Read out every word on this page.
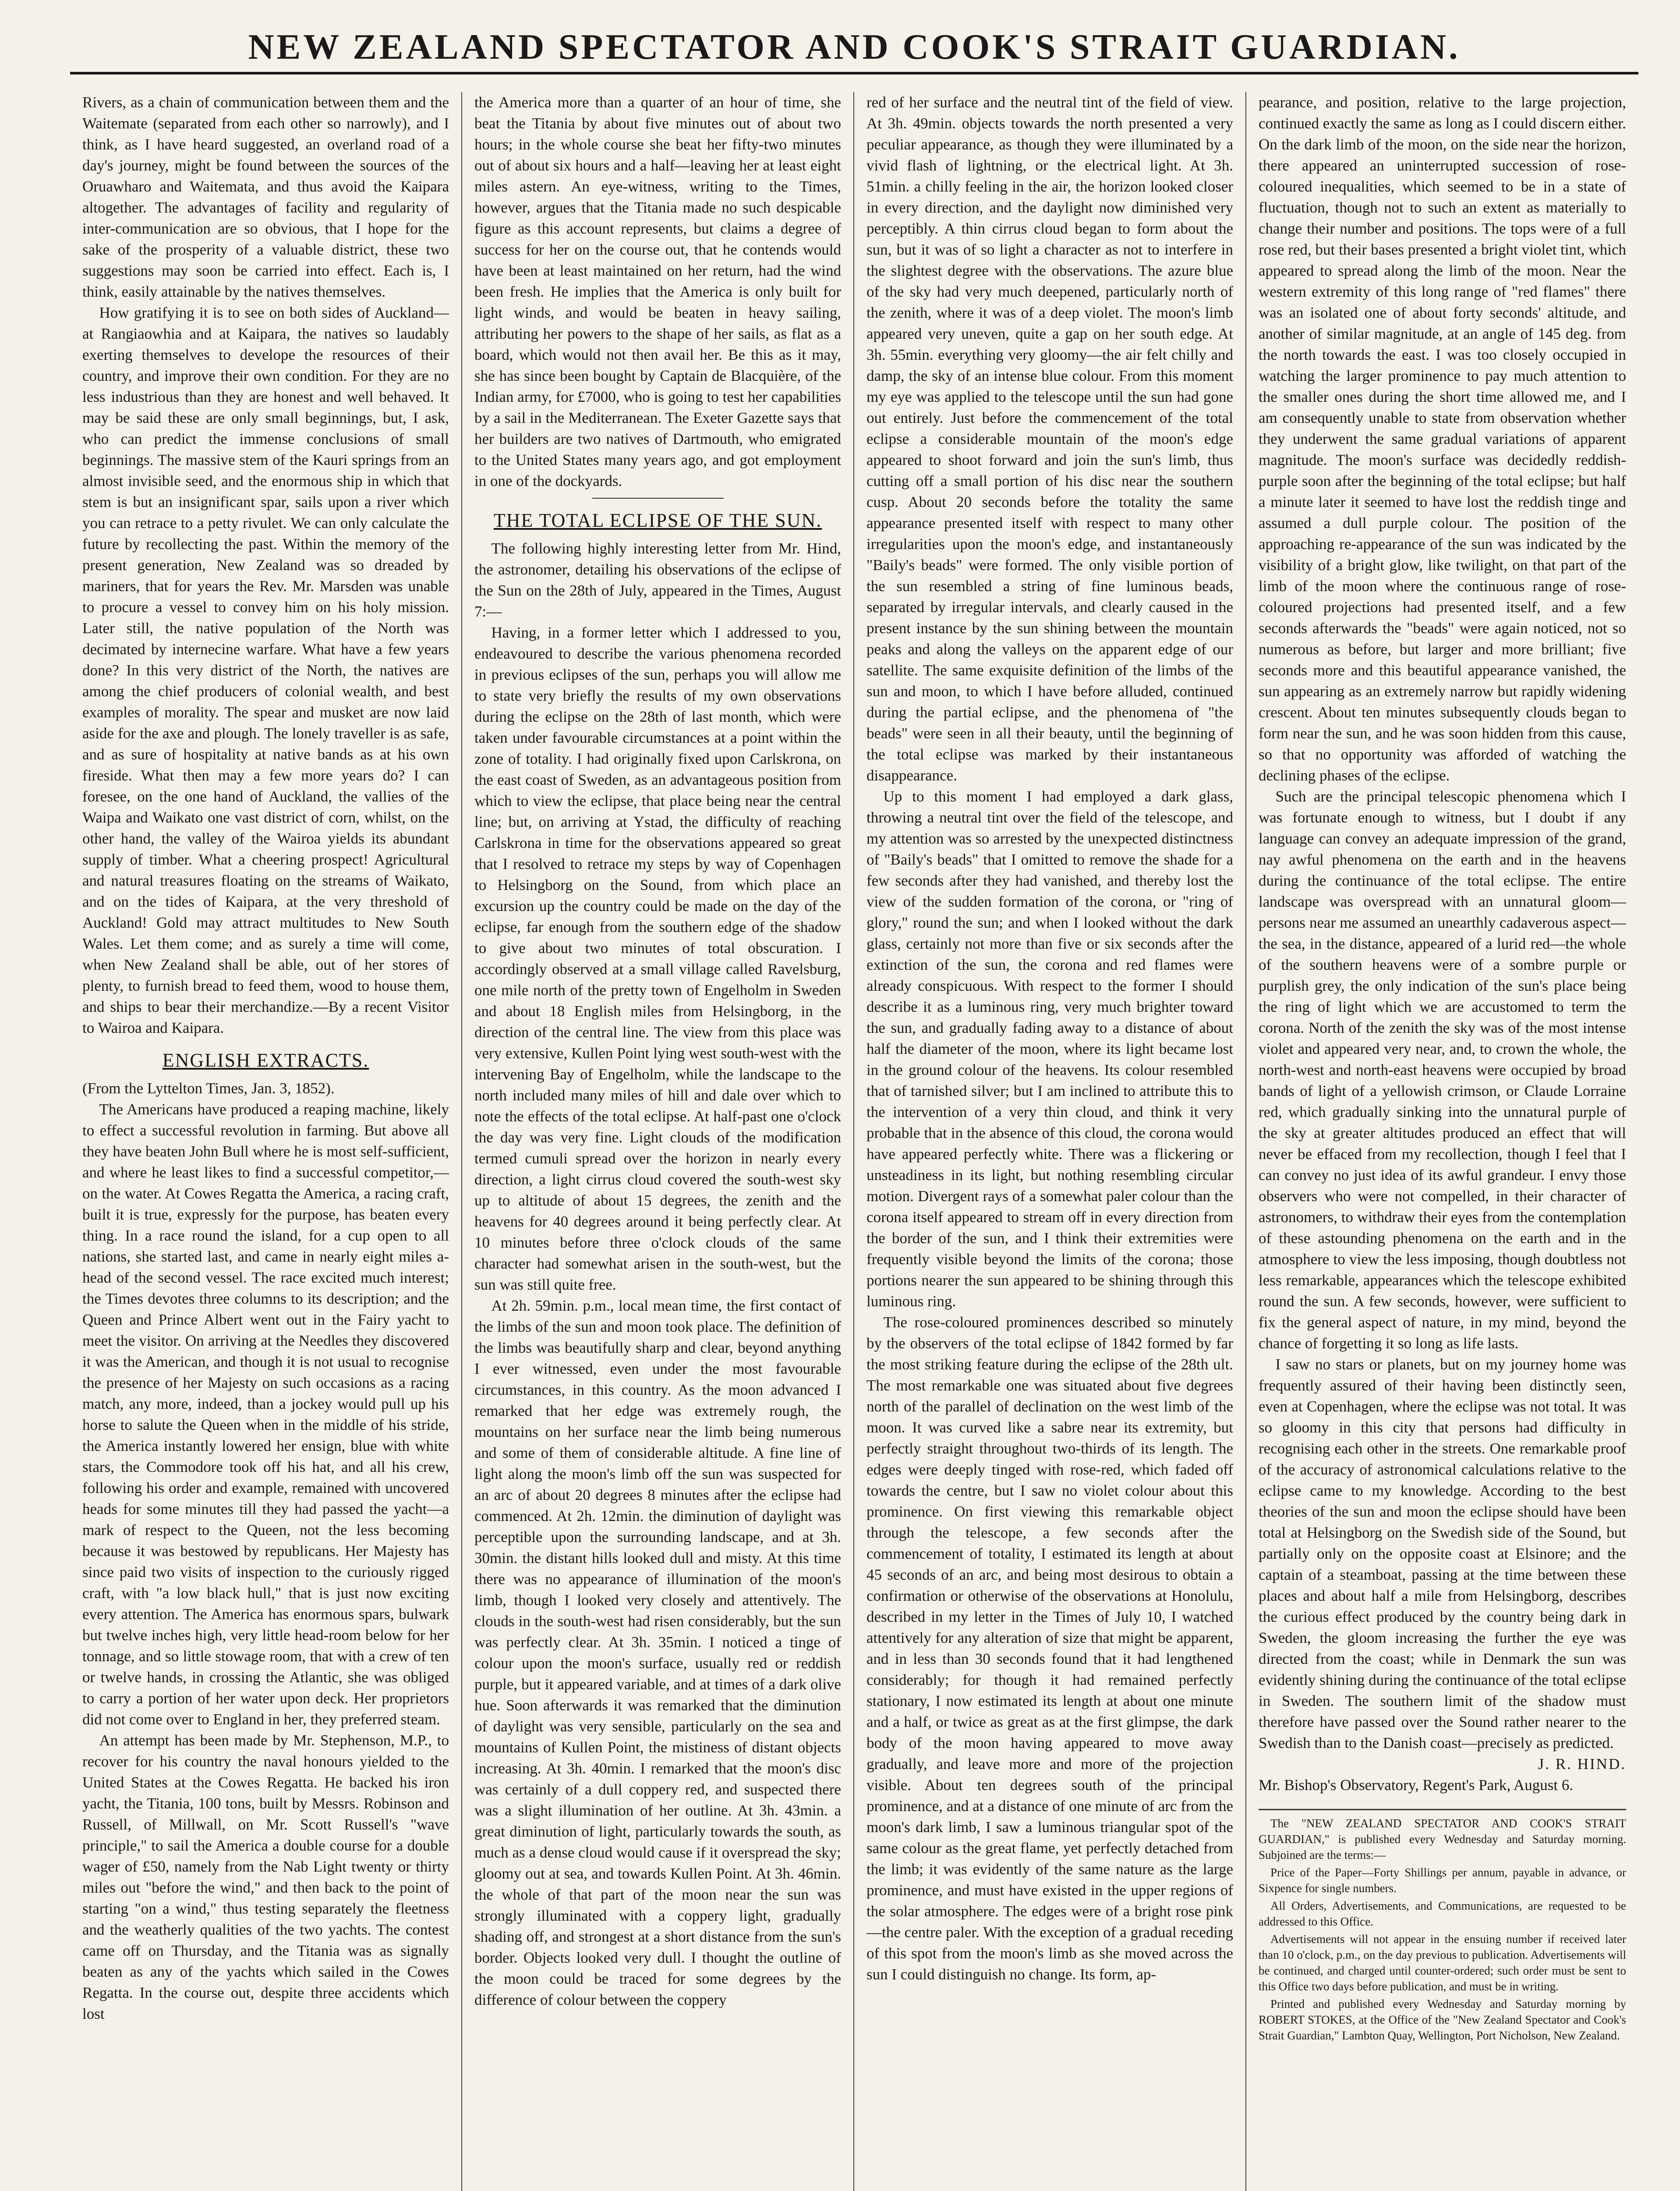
NEW ZEALAND SPECTATOR AND COOK'S STRAIT GUARDIAN.

Rivers, as a chain of communication between them and the Waitemate (separated from each other so narrowly), and I think, as I have heard suggested, an overland road of a day's journey, might be found between the sources of the Oruawharo and Waitemata, and thus avoid the Kaipara altogether. The advantages of facility and regularity of inter-communication are so obvious, that I hope for the sake of the prosperity of a valuable district, these two suggestions may soon be carried into effect. Each is, I think, easily attainable by the natives themselves.

How gratifying it is to see on both sides of Auckland—at Rangiaowhia and at Kaipara, the natives so laudably exerting themselves to develope the resources of their country, and improve their own condition. For they are no less industrious than they are honest and well behaved. It may be said these are only small beginnings, but, I ask, who can predict the immense conclusions of small beginnings. The massive stem of the Kauri springs from an almost invisible seed, and the enormous ship in which that stem is but an insignificant spar, sails upon a river which you can retrace to a petty rivulet. We can only calculate the future by recollecting the past. Within the memory of the present generation, New Zealand was so dreaded by mariners, that for years the Rev. Mr. Marsden was unable to procure a vessel to convey him on his holy mission. Later still, the native population of the North was decimated by internecine warfare. What have a few years done? In this very district of the North, the natives are among the chief producers of colonial wealth, and best examples of morality. The spear and musket are now laid aside for the axe and plough. The lonely traveller is as safe, and as sure of hospitality at native bands as at his own fireside. What then may a few more years do? I can foresee, on the one hand of Auckland, the vallies of the Waipa and Waikato one vast district of corn, whilst, on the other hand, the valley of the Wairoa yields its abundant supply of timber. What a cheering prospect! Agricultural and natural treasures floating on the streams of Waikato, and on the tides of Kaipara, at the very threshold of Auckland! Gold may attract multitudes to New South Wales. Let them come; and as surely a time will come, when New Zealand shall be able, out of her stores of plenty, to furnish bread to feed them, wood to house them, and ships to bear their merchandize.—By a recent Visitor to Wairoa and Kaipara.

ENGLISH EXTRACTS.

(From the Lyttelton Times, Jan. 3, 1852).

The Americans have produced a reaping machine, likely to effect a successful revolution in farming. But above all they have beaten John Bull where he is most self-sufficient, and where he least likes to find a successful competitor,—on the water. At Cowes Regatta the America, a racing craft, built it is true, expressly for the purpose, has beaten every thing. In a race round the island, for a cup open to all nations, she started last, and came in nearly eight miles a-head of the second vessel. The race excited much interest; the Times devotes three columns to its description; and the Queen and Prince Albert went out in the Fairy yacht to meet the visitor. On arriving at the Needles they discovered it was the American, and though it is not usual to recognise the presence of her Majesty on such occasions as a racing match, any more, indeed, than a jockey would pull up his horse to salute the Queen when in the middle of his stride, the America instantly lowered her ensign, blue with white stars, the Commodore took off his hat, and all his crew, following his order and example, remained with uncovered heads for some minutes till they had passed the yacht—a mark of respect to the Queen, not the less becoming because it was bestowed by republicans. Her Majesty has since paid two visits of inspection to the curiously rigged craft, with "a low black hull," that is just now exciting every attention. The America has enormous spars, bulwark but twelve inches high, very little head-room below for her tonnage, and so little stowage room, that with a crew of ten or twelve hands, in crossing the Atlantic, she was obliged to carry a portion of her water upon deck. Her proprietors did not come over to England in her, they preferred steam.

An attempt has been made by Mr. Stephenson, M.P., to recover for his country the naval honours yielded to the United States at the Cowes Regatta. He backed his iron yacht, the Titania, 100 tons, built by Messrs. Robinson and Russell, of Millwall, on Mr. Scott Russell's "wave principle," to sail the America a double course for a double wager of £50, namely from the Nab Light twenty or thirty miles out "before the wind," and then back to the point of starting "on a wind," thus testing separately the fleetness and the weatherly qualities of the two yachts. The contest came off on Thursday, and the Titania was as signally beaten as any of the yachts which sailed in the Cowes Regatta. In the course out, despite three accidents which lost

the America more than a quarter of an hour of time, she beat the Titania by about five minutes out of about two hours; in the whole course she beat her fifty-two minutes out of about six hours and a half—leaving her at least eight miles astern. An eye-witness, writing to the Times, however, argues that the Titania made no such despicable figure as this account represents, but claims a degree of success for her on the course out, that he contends would have been at least maintained on her return, had the wind been fresh. He implies that the America is only built for light winds, and would be beaten in heavy sailing, attributing her powers to the shape of her sails, as flat as a board, which would not then avail her. Be this as it may, she has since been bought by Captain de Blacquière, of the Indian army, for £7000, who is going to test her capabilities by a sail in the Mediterranean. The Exeter Gazette says that her builders are two natives of Dartmouth, who emigrated to the United States many years ago, and got employment in one of the dockyards.

THE TOTAL ECLIPSE OF THE SUN.

The following highly interesting letter from Mr. Hind, the astronomer, detailing his observations of the eclipse of the Sun on the 28th of July, appeared in the Times, August 7:—

Having, in a former letter which I addressed to you, endeavoured to describe the various phenomena recorded in previous eclipses of the sun, perhaps you will allow me to state very briefly the results of my own observations during the eclipse on the 28th of last month, which were taken under favourable circumstances at a point within the zone of totality. I had originally fixed upon Carlskrona, on the east coast of Sweden, as an advantageous position from which to view the eclipse, that place being near the central line; but, on arriving at Ystad, the difficulty of reaching Carlskrona in time for the observations appeared so great that I resolved to retrace my steps by way of Copenhagen to Helsingborg on the Sound, from which place an excursion up the country could be made on the day of the eclipse, far enough from the southern edge of the shadow to give about two minutes of total obscuration. I accordingly observed at a small village called Ravelsburg, one mile north of the pretty town of Engelholm in Sweden and about 18 English miles from Helsingborg, in the direction of the central line. The view from this place was very extensive, Kullen Point lying west south-west with the intervening Bay of Engelholm, while the landscape to the north included many miles of hill and dale over which to note the effects of the total eclipse. At half-past one o'clock the day was very fine. Light clouds of the modification termed cumuli spread over the horizon in nearly every direction, a light cirrus cloud covered the south-west sky up to altitude of about 15 degrees, the zenith and the heavens for 40 degrees around it being perfectly clear. At 10 minutes before three o'clock clouds of the same character had somewhat arisen in the south-west, but the sun was still quite free.

At 2h. 59min. p.m., local mean time, the first contact of the limbs of the sun and moon took place. The definition of the limbs was beautifully sharp and clear, beyond anything I ever witnessed, even under the most favourable circumstances, in this country. As the moon advanced I remarked that her edge was extremely rough, the mountains on her surface near the limb being numerous and some of them of considerable altitude. A fine line of light along the moon's limb off the sun was suspected for an arc of about 20 degrees 8 minutes after the eclipse had commenced. At 2h. 12min. the diminution of daylight was perceptible upon the surrounding landscape, and at 3h. 30min. the distant hills looked dull and misty. At this time there was no appearance of illumination of the moon's limb, though I looked very closely and attentively. The clouds in the south-west had risen considerably, but the sun was perfectly clear. At 3h. 35min. I noticed a tinge of colour upon the moon's surface, usually red or reddish purple, but it appeared variable, and at times of a dark olive hue. Soon afterwards it was remarked that the diminution of daylight was very sensible, particularly on the sea and mountains of Kullen Point, the mistiness of distant objects increasing. At 3h. 40min. I remarked that the moon's disc was certainly of a dull coppery red, and suspected there was a slight illumination of her outline. At 3h. 43min. a great diminution of light, particularly towards the south, as much as a dense cloud would cause if it overspread the sky; gloomy out at sea, and towards Kullen Point. At 3h. 46min. the whole of that part of the moon near the sun was strongly illuminated with a coppery light, gradually shading off, and strongest at a short distance from the sun's border. Objects looked very dull. I thought the outline of the moon could be traced for some degrees by the difference of colour between the coppery

red of her surface and the neutral tint of the field of view. At 3h. 49min. objects towards the north presented a very peculiar appearance, as though they were illuminated by a vivid flash of lightning, or the electrical light. At 3h. 51min. a chilly feeling in the air, the horizon looked closer in every direction, and the daylight now diminished very perceptibly. A thin cirrus cloud began to form about the sun, but it was of so light a character as not to interfere in the slightest degree with the observations. The azure blue of the sky had very much deepened, particularly north of the zenith, where it was of a deep violet. The moon's limb appeared very uneven, quite a gap on her south edge. At 3h. 55min. everything very gloomy—the air felt chilly and damp, the sky of an intense blue colour. From this moment my eye was applied to the telescope until the sun had gone out entirely. Just before the commencement of the total eclipse a considerable mountain of the moon's edge appeared to shoot forward and join the sun's limb, thus cutting off a small portion of his disc near the southern cusp. About 20 seconds before the totality the same appearance presented itself with respect to many other irregularities upon the moon's edge, and instantaneously "Baily's beads" were formed. The only visible portion of the sun resembled a string of fine luminous beads, separated by irregular intervals, and clearly caused in the present instance by the sun shining between the mountain peaks and along the valleys on the apparent edge of our satellite. The same exquisite definition of the limbs of the sun and moon, to which I have before alluded, continued during the partial eclipse, and the phenomena of "the beads" were seen in all their beauty, until the beginning of the total eclipse was marked by their instantaneous disappearance.

Up to this moment I had employed a dark glass, throwing a neutral tint over the field of the telescope, and my attention was so arrested by the unexpected distinctness of "Baily's beads" that I omitted to remove the shade for a few seconds after they had vanished, and thereby lost the view of the sudden formation of the corona, or "ring of glory," round the sun; and when I looked without the dark glass, certainly not more than five or six seconds after the extinction of the sun, the corona and red flames were already conspicuous. With respect to the former I should describe it as a luminous ring, very much brighter toward the sun, and gradually fading away to a distance of about half the diameter of the moon, where its light became lost in the ground colour of the heavens. Its colour resembled that of tarnished silver; but I am inclined to attribute this to the intervention of a very thin cloud, and think it very probable that in the absence of this cloud, the corona would have appeared perfectly white. There was a flickering or unsteadiness in its light, but nothing resembling circular motion. Divergent rays of a somewhat paler colour than the corona itself appeared to stream off in every direction from the border of the sun, and I think their extremities were frequently visible beyond the limits of the corona; those portions nearer the sun appeared to be shining through this luminous ring.

The rose-coloured prominences described so minutely by the observers of the total eclipse of 1842 formed by far the most striking feature during the eclipse of the 28th ult. The most remarkable one was situated about five degrees north of the parallel of declination on the west limb of the moon. It was curved like a sabre near its extremity, but perfectly straight throughout two-thirds of its length. The edges were deeply tinged with rose-red, which faded off towards the centre, but I saw no violet colour about this prominence. On first viewing this remarkable object through the telescope, a few seconds after the commencement of totality, I estimated its length at about 45 seconds of an arc, and being most desirous to obtain a confirmation or otherwise of the observations at Honolulu, described in my letter in the Times of July 10, I watched attentively for any alteration of size that might be apparent, and in less than 30 seconds found that it had lengthened considerably; for though it had remained perfectly stationary, I now estimated its length at about one minute and a half, or twice as great as at the first glimpse, the dark body of the moon having appeared to move away gradually, and leave more and more of the projection visible. About ten degrees south of the principal prominence, and at a distance of one minute of arc from the moon's dark limb, I saw a luminous triangular spot of the same colour as the great flame, yet perfectly detached from the limb; it was evidently of the same nature as the large prominence, and must have existed in the upper regions of the solar atmosphere. The edges were of a bright rose pink—the centre paler. With the exception of a gradual receding of this spot from the moon's limb as she moved across the sun I could distinguish no change. Its form, ap-

pearance, and position, relative to the large projection, continued exactly the same as long as I could discern either. On the dark limb of the moon, on the side near the horizon, there appeared an uninterrupted succession of rose-coloured inequalities, which seemed to be in a state of fluctuation, though not to such an extent as materially to change their number and positions. The tops were of a full rose red, but their bases presented a bright violet tint, which appeared to spread along the limb of the moon. Near the western extremity of this long range of "red flames" there was an isolated one of about forty seconds' altitude, and another of similar magnitude, at an angle of 145 deg. from the north towards the east. I was too closely occupied in watching the larger prominence to pay much attention to the smaller ones during the short time allowed me, and I am consequently unable to state from observation whether they underwent the same gradual variations of apparent magnitude. The moon's surface was decidedly reddish-purple soon after the beginning of the total eclipse; but half a minute later it seemed to have lost the reddish tinge and assumed a dull purple colour. The position of the approaching re-appearance of the sun was indicated by the visibility of a bright glow, like twilight, on that part of the limb of the moon where the continuous range of rose-coloured projections had presented itself, and a few seconds afterwards the "beads" were again noticed, not so numerous as before, but larger and more brilliant; five seconds more and this beautiful appearance vanished, the sun appearing as an extremely narrow but rapidly widening crescent. About ten minutes subsequently clouds began to form near the sun, and he was soon hidden from this cause, so that no opportunity was afforded of watching the declining phases of the eclipse.

Such are the principal telescopic phenomena which I was fortunate enough to witness, but I doubt if any language can convey an adequate impression of the grand, nay awful phenomena on the earth and in the heavens during the continuance of the total eclipse. The entire landscape was overspread with an unnatural gloom—persons near me assumed an unearthly cadaverous aspect—the sea, in the distance, appeared of a lurid red—the whole of the southern heavens were of a sombre purple or purplish grey, the only indication of the sun's place being the ring of light which we are accustomed to term the corona. North of the zenith the sky was of the most intense violet and appeared very near, and, to crown the whole, the north-west and north-east heavens were occupied by broad bands of light of a yellowish crimson, or Claude Lorraine red, which gradually sinking into the unnatural purple of the sky at greater altitudes produced an effect that will never be effaced from my recollection, though I feel that I can convey no just idea of its awful grandeur. I envy those observers who were not compelled, in their character of astronomers, to withdraw their eyes from the contemplation of these astounding phenomena on the earth and in the atmosphere to view the less imposing, though doubtless not less remarkable, appearances which the telescope exhibited round the sun. A few seconds, however, were sufficient to fix the general aspect of nature, in my mind, beyond the chance of forgetting it so long as life lasts.

I saw no stars or planets, but on my journey home was frequently assured of their having been distinctly seen, even at Copenhagen, where the eclipse was not total. It was so gloomy in this city that persons had difficulty in recognising each other in the streets. One remarkable proof of the accuracy of astronomical calculations relative to the eclipse came to my knowledge. According to the best theories of the sun and moon the eclipse should have been total at Helsingborg on the Swedish side of the Sound, but partially only on the opposite coast at Elsinore; and the captain of a steamboat, passing at the time between these places and about half a mile from Helsingborg, describes the curious effect produced by the country being dark in Sweden, the gloom increasing the further the eye was directed from the coast; while in Denmark the sun was evidently shining during the continuance of the total eclipse in Sweden. The southern limit of the shadow must therefore have passed over the Sound rather nearer to the Swedish than to the Danish coast—precisely as predicted.

J. R. HIND.

Mr. Bishop's Observatory, Regent's Park, August 6.

The "NEW ZEALAND SPECTATOR AND COOK'S STRAIT GUARDIAN," is published every Wednesday and Saturday morning. Subjoined are the terms:—

Price of the Paper—Forty Shillings per annum, payable in advance, or Sixpence for single numbers.

All Orders, Advertisements, and Communications, are requested to be addressed to this Office.

Advertisements will not appear in the ensuing number if received later than 10 o'clock, p.m., on the day previous to publication. Advertisements will be continued, and charged until counter-ordered; such order must be sent to this Office two days before publication, and must be in writing.

Printed and published every Wednesday and Saturday morning by ROBERT STOKES, at the Office of the "New Zealand Spectator and Cook's Strait Guardian," Lambton Quay, Wellington, Port Nicholson, New Zealand.
